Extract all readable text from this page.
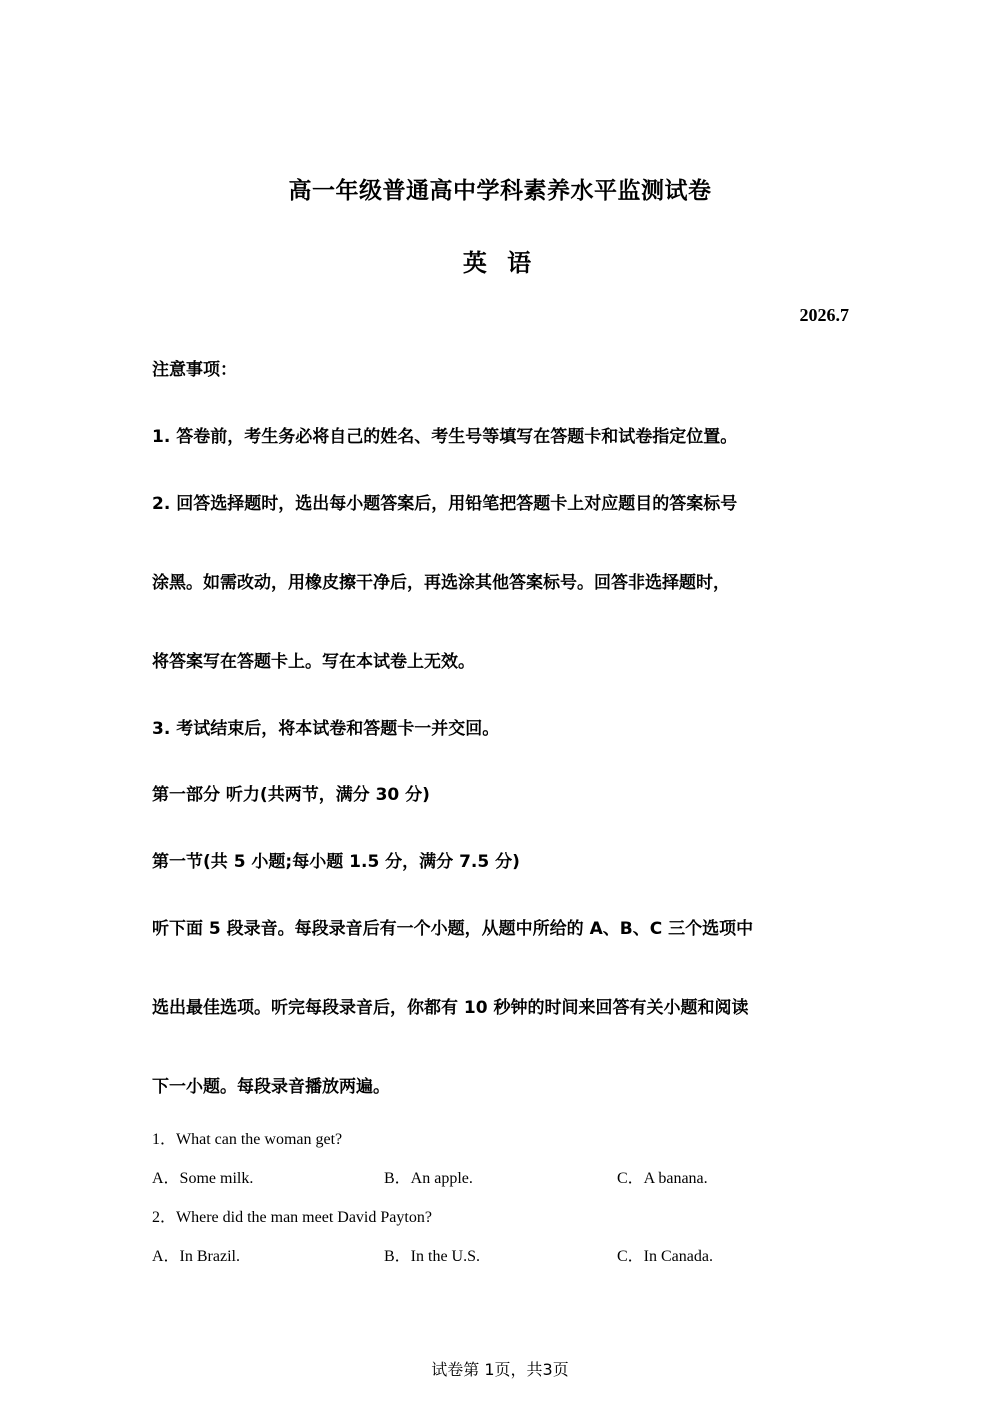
高一年级普通高中学科素养水平监测试卷
英 语
2026.7
注意事项：
1. 答卷前，考生务必将自己的姓名、考生号等填写在答题卡和试卷指定位置。
2. 回答选择题时，选出每小题答案后，用铅笔把答题卡上对应题目的答案标号
涂黑。如需改动，用橡皮擦干净后，再选涂其他答案标号。回答非选择题时，
将答案写在答题卡上。写在本试卷上无效。
3. 考试结束后，将本试卷和答题卡一并交回。
第一部分 听力(共两节，满分 30 分)
第一节(共 5 小题;每小题 1.5 分，满分 7.5 分)
听下面 5 段录音。每段录音后有一个小题，从题中所给的 A、B、C 三个选项中
选出最佳选项。听完每段录音后，你都有 10 秒钟的时间来回答有关小题和阅读
下一小题。每段录音播放两遍。
1．What can the woman get?
A．Some milk.	B．An apple.	C．A banana.
2．Where did the man meet David Payton?
A．In Brazil.	B．In the U.S.	C．In Canada.
试卷第 1页，共3页
